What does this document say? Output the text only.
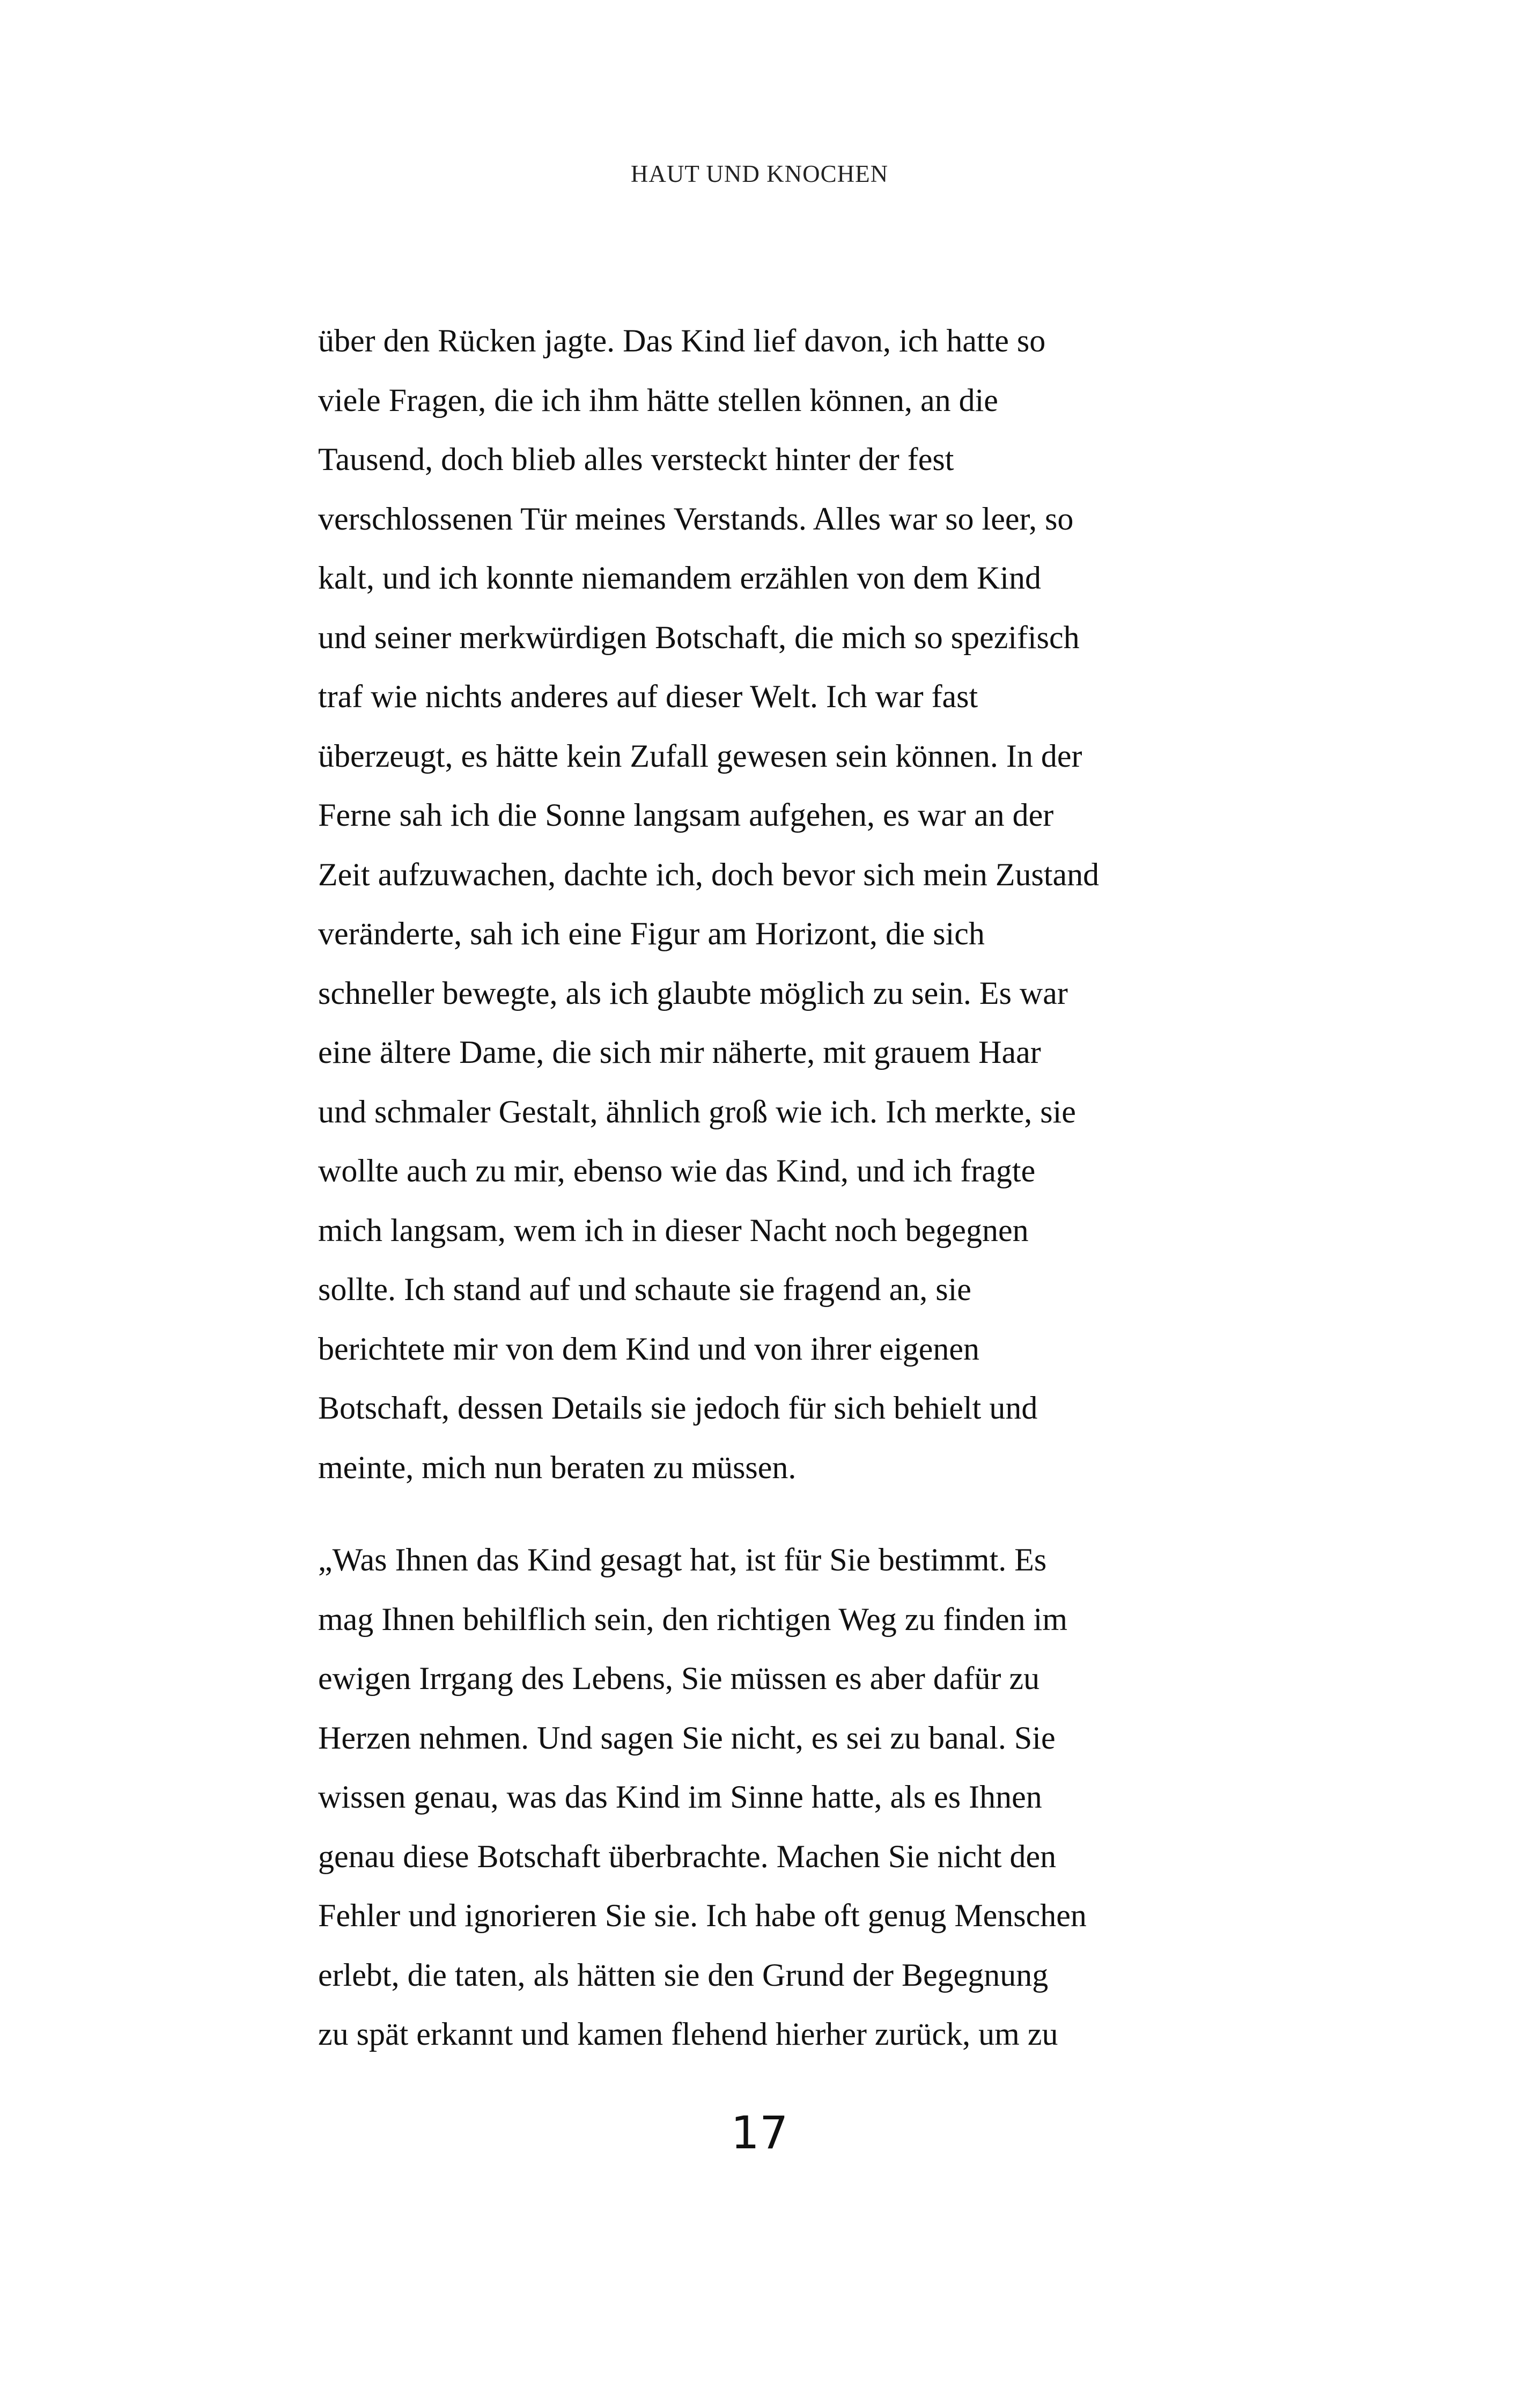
HAUT UND KNOCHEN
über den Rücken jagte. Das Kind lief davon, ich hatte so
viele Fragen, die ich ihm hätte stellen können, an die
Tausend, doch blieb alles versteckt hinter der fest
verschlossenen Tür meines Verstands. Alles war so leer, so
kalt, und ich konnte niemandem erzählen von dem Kind
und seiner merkwürdigen Botschaft, die mich so spezifisch
traf wie nichts anderes auf dieser Welt. Ich war fast
überzeugt, es hätte kein Zufall gewesen sein können. In der
Ferne sah ich die Sonne langsam aufgehen, es war an der
Zeit aufzuwachen, dachte ich, doch bevor sich mein Zustand
veränderte, sah ich eine Figur am Horizont, die sich
schneller bewegte, als ich glaubte möglich zu sein. Es war
eine ältere Dame, die sich mir näherte, mit grauem Haar
und schmaler Gestalt, ähnlich groß wie ich. Ich merkte, sie
wollte auch zu mir, ebenso wie das Kind, und ich fragte
mich langsam, wem ich in dieser Nacht noch begegnen
sollte. Ich stand auf und schaute sie fragend an, sie
berichtete mir von dem Kind und von ihrer eigenen
Botschaft, dessen Details sie jedoch für sich behielt und
meinte, mich nun beraten zu müssen.
„Was Ihnen das Kind gesagt hat, ist für Sie bestimmt. Es
mag Ihnen behilflich sein, den richtigen Weg zu finden im
ewigen Irrgang des Lebens, Sie müssen es aber dafür zu
Herzen nehmen. Und sagen Sie nicht, es sei zu banal. Sie
wissen genau, was das Kind im Sinne hatte, als es Ihnen
genau diese Botschaft überbrachte. Machen Sie nicht den
Fehler und ignorieren Sie sie. Ich habe oft genug Menschen
erlebt, die taten, als hätten sie den Grund der Begegnung
zu spät erkannt und kamen flehend hierher zurück, um zu
17
